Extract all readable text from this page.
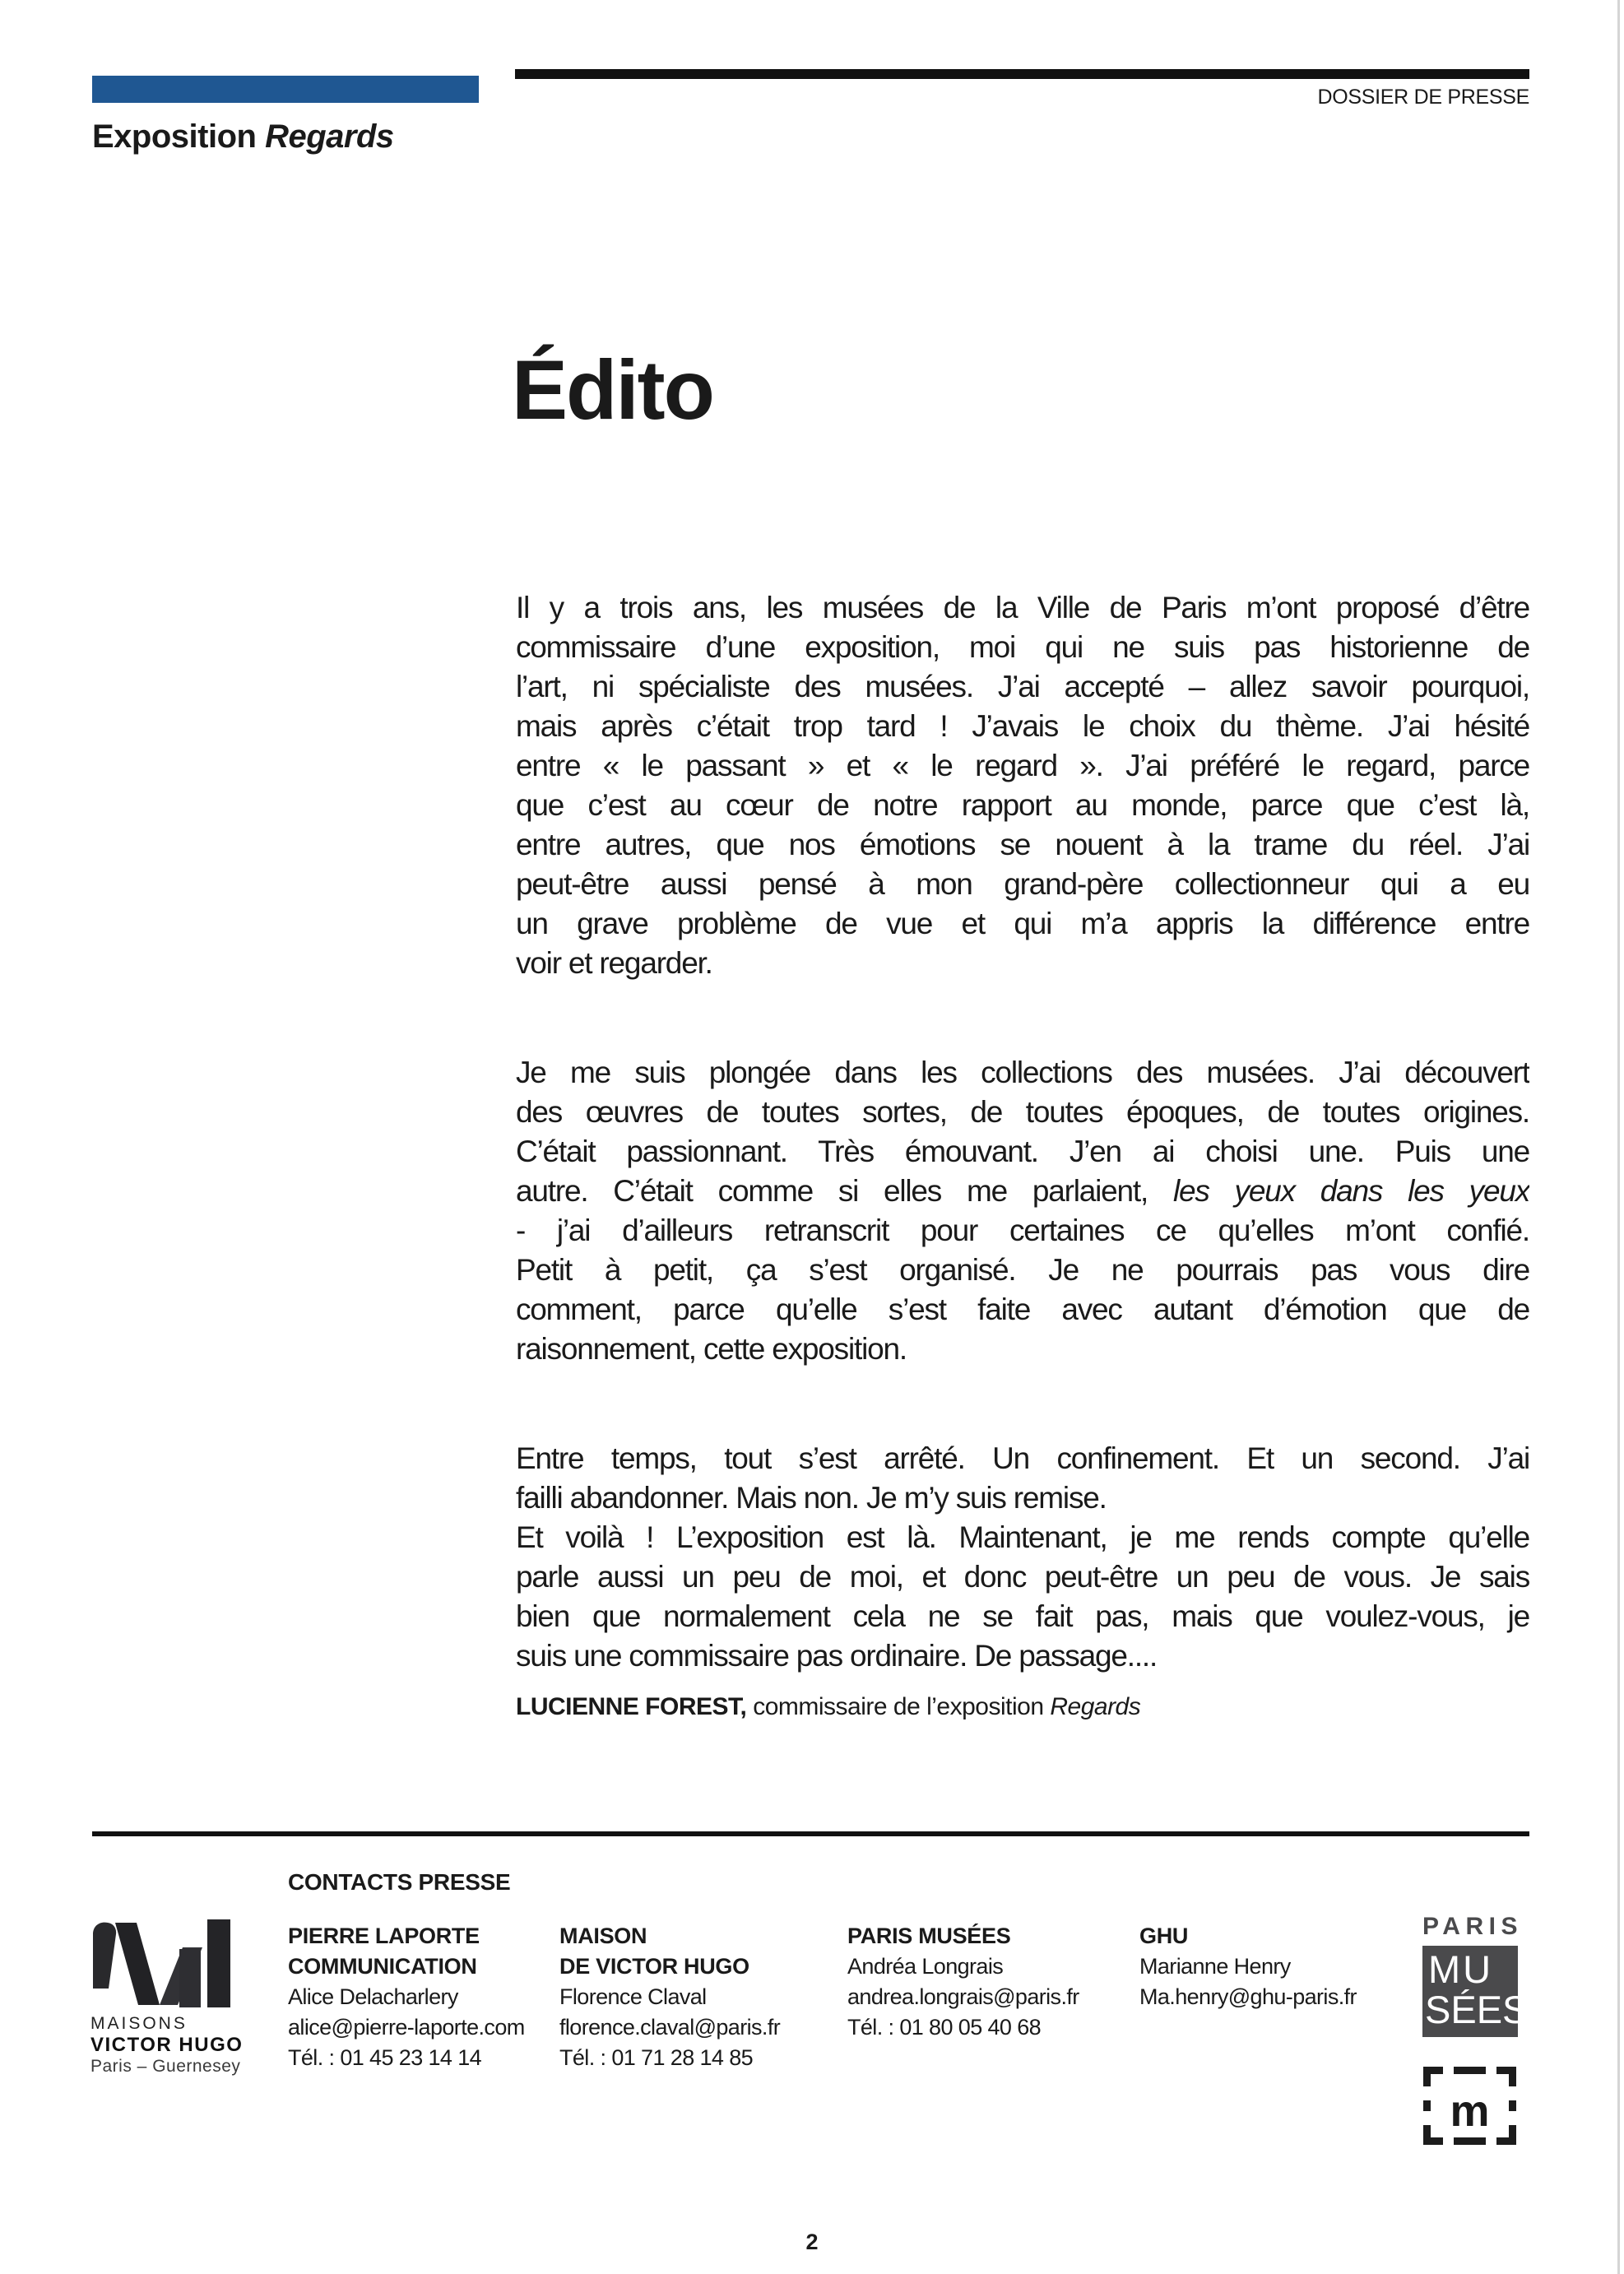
Exposition Regards
DOSSIER DE PRESSE
Édito
Il y a trois ans, les musées de la Ville de Paris m’ont proposé d’être
commissaire d’une exposition, moi qui ne suis pas historienne de
l’art, ni spécialiste des musées. J’ai accepté – allez savoir pourquoi,
mais après c’était trop tard ! J’avais le choix du thème. J’ai hésité
entre « le passant » et « le regard ». J’ai préféré le regard, parce
que c’est au cœur de notre rapport au monde, parce que c’est là,
entre autres, que nos émotions se nouent à la trame du réel. J’ai
peut-être aussi pensé à mon grand-père collectionneur qui a eu
un grave problème de vue et qui m’a appris la différence entre
voir et regarder.
Je me suis plongée dans les collections des musées. J’ai découvert
des œuvres de toutes sortes, de toutes époques, de toutes origines.
C’était passionnant. Très émouvant. J’en ai choisi une. Puis une
autre. C’était comme si elles me parlaient, les yeux dans les yeux
- j’ai d’ailleurs retranscrit pour certaines ce qu’elles m’ont confié.
Petit à petit, ça s’est organisé. Je ne pourrais pas vous dire
comment, parce qu’elle s’est faite avec autant d’émotion que de
raisonnement, cette exposition.
Entre temps, tout s’est arrêté. Un confinement. Et un second. J’ai
failli abandonner. Mais non. Je m’y suis remise.
Et voilà ! L’exposition est là. Maintenant, je me rends compte qu’elle
parle aussi un peu de moi, et donc peut-être un peu de vous. Je sais
bien que normalement cela ne se fait pas, mais que voulez-vous, je
suis une commissaire pas ordinaire. De passage....

LUCIENNE FOREST, commissaire de l’exposition Regards

CONTACTS PRESSE
PIERRE LAPORTE
COMMUNICATION
Alice Delacharlery
alice@pierre-laporte.com
Tél. : 01 45 23 14 14
MAISON
DE VICTOR HUGO
Florence Claval
florence.claval@paris.fr
Tél. : 01 71 28 14 85
PARIS MUSÉES
Andréa Longrais
andrea.longrais@paris.fr
Tél. : 01 80 05 40 68
GHU
Marianne Henry
Ma.henry@ghu-paris.fr
MAISONS
VICTOR HUGO
Paris – Guernesey
PARIS
MU
SÉES
m
2
